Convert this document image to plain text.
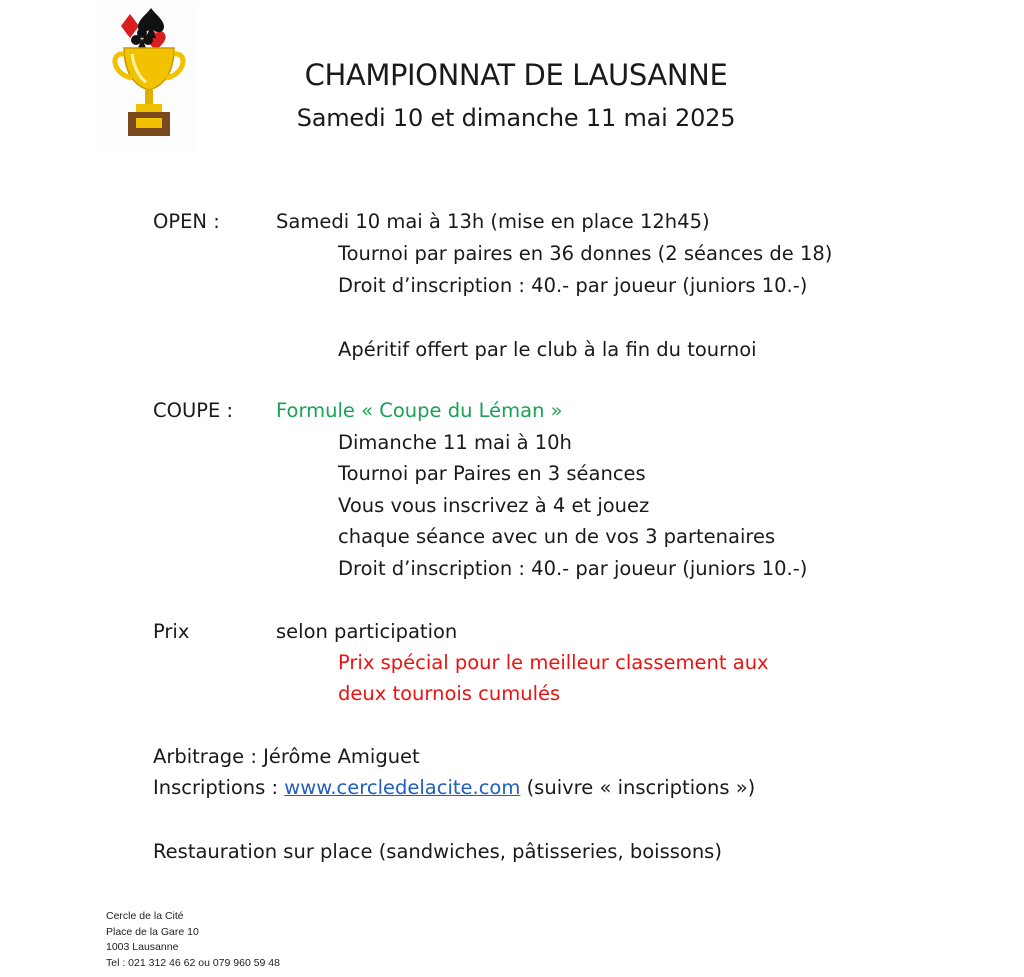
CHAMPIONNAT DE LAUSANNE
Samedi 10 et dimanche 11 mai 2025
OPEN :	Samedi 10 mai à 13h (mise en place 12h45)
Tournoi par paires en 36 donnes (2 séances de 18)
Droit d’inscription : 40.- par joueur (juniors 10.-)
Apéritif offert par le club à la fin du tournoi
COUPE : Formule « Coupe du Léman »
Dimanche 11 mai à 10h
Tournoi par Paires en 3 séances
Vous vous inscrivez à 4 et jouez
chaque séance avec un de vos 3 partenaires
Droit d’inscription : 40.- par joueur (juniors 10.-)
Prix	selon participation
Prix spécial pour le meilleur classement aux
deux tournois cumulés
Arbitrage : Jérôme Amiguet
Inscriptions : www.cercledelacite.com (suivre « inscriptions »)
Restauration sur place (sandwiches, pâtisseries, boissons)
Cercle de la Cité
Place de la Gare 10
1003 Lausanne
Tel : 021 312 46 62 ou 079 960 59 48
